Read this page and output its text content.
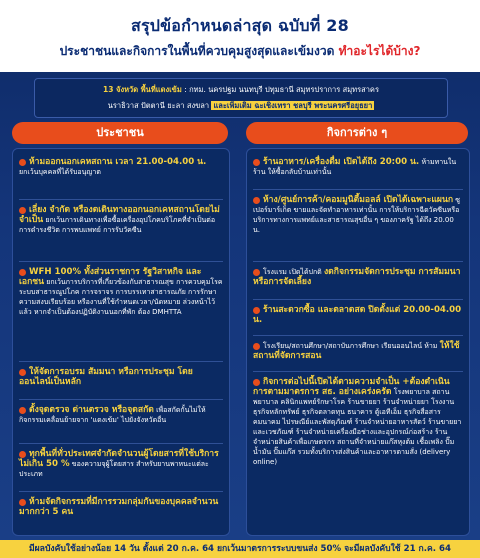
สรุปข้อกำหนดล่าสุด ฉบับที่ 28
ประชาชนและกิจการในพื้นที่ควบคุมสูงสุดและเข้มงวด ทำอะไรได้บ้าง?
13 จังหวัด พื้นที่แดงเข้ม : กทม. นครปฐม นนทบุรี ปทุมธานี สมุทรปราการ สมุทรสาคร
นราธิวาส ปัตตานี ยะลา สงขลา และเพิ่มเติม ฉะเชิงเทรา ชลบุรี พระนครศรีอยุธยา
ประชาชน	กิจการต่าง ๆ
ห้ามออกนอกเคหสถาน เวลา 21.00-04.00 น. ยกเว้นบุคคลที่ได้รับอนุญาต
เลี่ยง จำกัด หรืองดเดินทางออกนอกเคหสถานโดยไม่จำเป็น ยกเว้นการเดินทางเพื่อซื้อเครื่องอุปโภคบริโภคที่จำเป็นต่อการดำรงชีวิต การพบแพทย์ การรับวัคซีน
WFH 100% ทั้งส่วนราชการ รัฐวิสาหกิจ และเอกชน ยกเว้นการบริการที่เกี่ยวข้องกับสาธารณสุข การควบคุมโรค ระบบสาธารณูปโภค การจราจร การบรรเทาสาธารณภัย การรักษาความสงบเรียบร้อย หรืองานที่ใช้กำหนดเวลา/นัดหมาย ล่วงหน้าไว้แล้ว หากจำเป็นต้องปฏิบัติงานนอกที่พัก ต้อง DMHTTA
ให้จัดการอบรม สัมมนา หรือการประชุม โดยออนไลน์เป็นหลัก
ตั้งจุดตรวจ ด่านตรวจ หรือจุดสกัด เพื่อสกัดกั้นไม่ให้กิจกรรมเคลื่อนย้ายจาก 'แดงเข้ม' ไปยังจังหวัดอื่น
ทุกพื้นที่ทั่วประเทศจำกัดจำนวนผู้โดยสารที่ใช้บริการไม่เกิน 50 % ของความจุผู้โดยสาร สำหรับยานพาหนะแต่ละประเภท
ห้ามจัดกิจกรรมที่มีการรวมกลุ่มกันของบุคคลจำนวนมากกว่า 5 คน
ร้านอาหาร/เครื่องดื่ม เปิดได้ถึง 20:00 น. ห้ามทานในร้าน ให้ซื้อกลับบ้านเท่านั้น
ห้าง/ศูนย์การค้า/คอมมูนิตี้มอลล์ เปิดได้เฉพาะแผนก ซูเปอร์มาร์เก็ต ขายและจัดทำอาหารเท่านั้น การให้บริการฉีดวัคซีนหรือบริการทางการแพทย์และสาธารณสุขอื่น ๆ ของภาครัฐ ได้ถึง 20.00 น.
โรงแรม เปิดได้ปกติ งดกิจกรรมจัดการประชุม การสัมมนา หรือการจัดเลี้ยง
ร้านสะดวกซื้อ และตลาดสด ปิดตั้งแต่ 20.00-04.00 น.
โรงเรียน/สถานศึกษา/สถาบันการศึกษา เรียนออนไลน์ ห้าม ให้ใช้สถานที่จัดการสอน
กิจการต่อไปนี้เปิดได้ตามความจำเป็น +ต้องดำเนินการตามมาตรการ สธ. อย่างเคร่งครัด โรงพยาบาล สถานพยาบาล คลินิกแพทย์รักษาโรค ร้านขายยา ร้านจำหน่ายยา โรงงาน ธุรกิจหลักทรัพย์ ธุรกิจตลาดทุน ธนาคาร ตู้เอทีเอ็ม ธุรกิจสื่อสารคมนาคม ไปรษณีย์และพัสดุภัณฑ์ ร้านจำหน่ายอาหารสัตว์ ร้านขายยาและเวชภัณฑ์ ร้านจำหน่ายเครื่องมือช่างและอุปกรณ์ก่อสร้าง ร้านจำหน่ายสินค้าเพื่อเกษตรกร สถานที่จำหน่ายแก๊สหุงต้ม เชื้อเพลิง ปั๊มน้ำมัน ปั๊มแก๊ส รวมทั้งบริการส่งสินค้าและอาหารตามสั่ง (delivery online)
มีผลบังคับใช้อย่างน้อย 14 วัน ตั้งแต่ 20 ก.ค. 64 ยกเว้นมาตรการระบบขนส่ง 50% จะมีผลบังคับใช้ 21 ก.ค. 64
